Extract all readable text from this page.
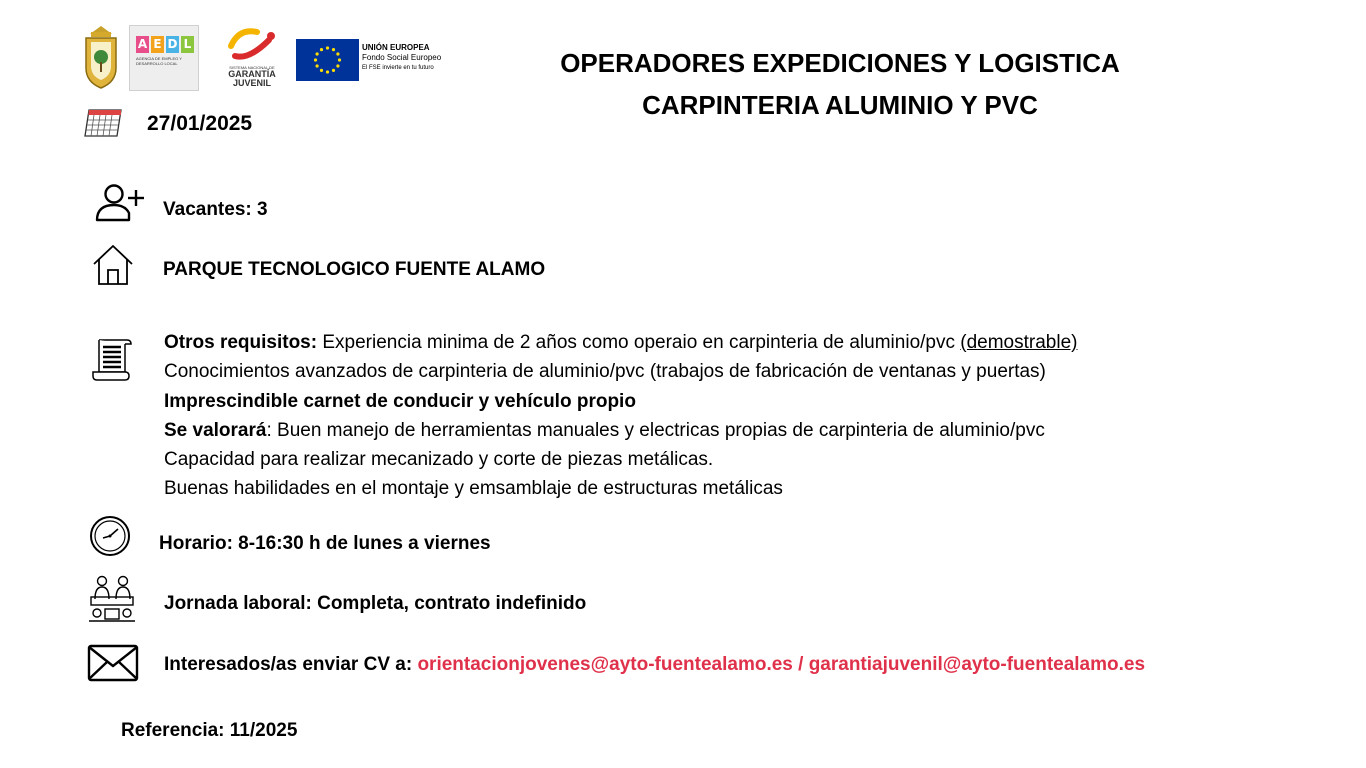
A E D L
AGENCIA DE EMPLEO Y DESARROLLO LOCAL
SISTEMA NACIONAL DE
GARANTÍA
JUVENIL
UNIÓN EUROPEA
Fondo Social Europeo
El FSE invierte en tu futuro	OPERADORES EXPEDICIONES Y LOGISTICA
CARPINTERIA ALUMINIO Y PVC
27/01/2025
Vacantes: 3
PARQUE TECNOLOGICO FUENTE ALAMO
Otros requisitos: Experiencia minima de 2 años como operaio en carpinteria de aluminio/pvc (demostrable)
Conocimientos avanzados de carpinteria de aluminio/pvc (trabajos de fabricación de ventanas y puertas)
Imprescindible carnet de conducir y vehículo propio
Se valorará: Buen manejo de herramientas manuales y electricas propias de carpinteria de aluminio/pvc
Capacidad para realizar mecanizado y corte de piezas metálicas.
Buenas habilidades en el montaje y emsamblaje de estructuras metálicas
Horario: 8-16:30 h de lunes a viernes
Jornada laboral: Completa, contrato indefinido
Interesados/as enviar CV a: orientacionjovenes@ayto-fuentealamo.es / garantiajuvenil@ayto-fuentealamo.es
Referencia: 11/2025
